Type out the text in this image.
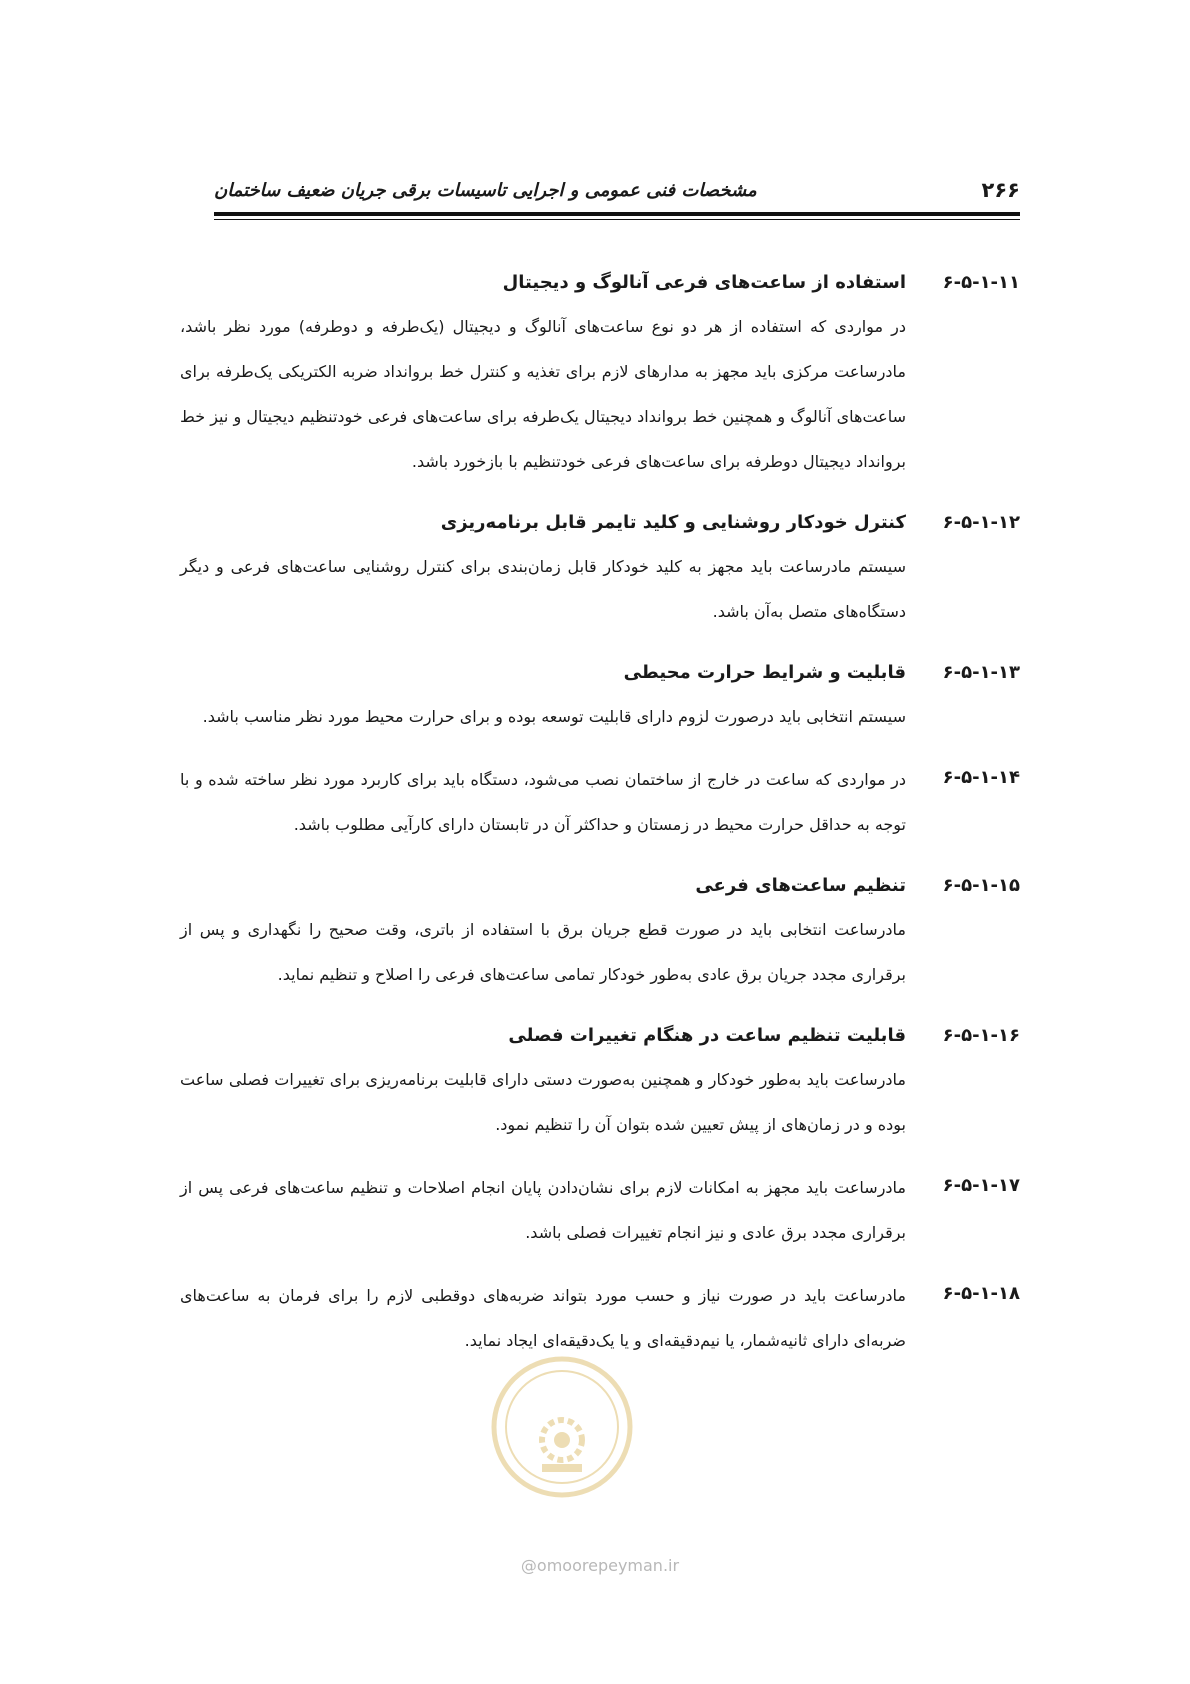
۲۶۶
مشخصات فنی عمومی و اجرایی تاسیسات برقی جریان ضعیف ساختمان
۶-۵-۱-۱۱
استفاده از ساعت‌های فرعی آنالوگ و دیجیتال
در مواردی که استفاده از هر دو نوع ساعت‌های آنالوگ و دیجیتال (یک‌طرفه و دوطرفه) مورد نظر باشد، مادرساعت مرکزی باید مجهز به مدارهای لازم برای تغذیه و کنترل خط بروانداد ضربه الکتریکی یک‌طرفه برای ساعت‌های آنالوگ و همچنین خط بروانداد دیجیتال یک‌طرفه برای ساعت‌های فرعی خودتنظیم دیجیتال و نیز خط بروانداد دیجیتال دوطرفه برای ساعت‌های فرعی خودتنظیم با بازخورد باشد.
۶-۵-۱-۱۲
کنترل خودکار روشنایی و کلید تایمر قابل برنامه‌ریزی
سیستم مادرساعت باید مجهز به کلید خودکار قابل زمان‌بندی برای کنترل روشنایی ساعت‌های فرعی و دیگر دستگاه‌های متصل به‌آن باشد.
۶-۵-۱-۱۳
قابلیت و شرایط حرارت محیطی
سیستم انتخابی باید درصورت لزوم دارای قابلیت توسعه بوده و برای حرارت محیط مورد نظر مناسب باشد.
۶-۵-۱-۱۴
در مواردی که ساعت در خارج از ساختمان نصب می‌شود، دستگاه باید برای کاربرد مورد نظر ساخته شده و با توجه به حداقل حرارت محیط در زمستان و حداکثر آن در تابستان دارای کارآیی مطلوب باشد.
۶-۵-۱-۱۵
تنظیم ساعت‌های فرعی
مادرساعت انتخابی باید در صورت قطع جریان برق با استفاده از باتری، وقت صحیح را نگهداری و پس از برقراری مجدد جریان برق عادی به‌طور خودکار تمامی ساعت‌های فرعی را اصلاح و تنظیم نماید.
۶-۵-۱-۱۶
قابلیت تنظیم ساعت در هنگام تغییرات فصلی
مادرساعت باید به‌طور خودکار و همچنین به‌صورت دستی دارای قابلیت برنامه‌ریزی برای تغییرات فصلی ساعت بوده و در زمان‌های از پیش تعیین شده بتوان آن را تنظیم نمود.
۶-۵-۱-۱۷
مادرساعت باید مجهز به امکانات لازم برای نشان‌دادن پایان انجام اصلاحات و تنظیم ساعت‌های فرعی پس از برقراری مجدد برق عادی و نیز انجام تغییرات فصلی باشد.
۶-۵-۱-۱۸
مادرساعت باید در صورت نیاز و حسب مورد بتواند ضربه‌های دوقطبی لازم را برای فرمان به ساعت‌های ضربه‌ای دارای ثانیه‌شمار، یا نیم‌دقیقه‌ای و یا یک‌دقیقه‌ای ایجاد نماید.
@omoorepeyman.ir
